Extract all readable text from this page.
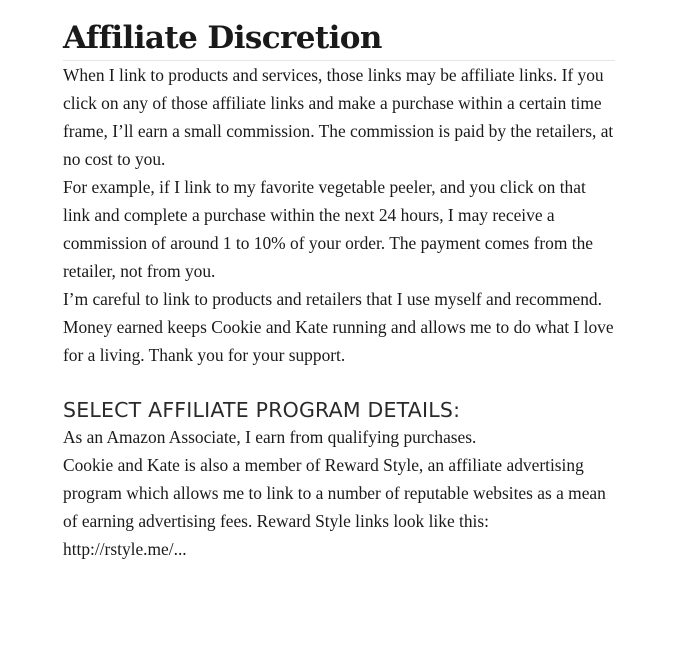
Affiliate Discretion

When I link to products and services, those links may be affiliate links. If you click on any of those affiliate links and make a purchase within a certain time frame, I’ll earn a small commission. The commission is paid by the retailers, at no cost to you.

For example, if I link to my favorite vegetable peeler, and you click on that link and complete a purchase within the next 24 hours, I may receive a commission of around 1 to 10% of your order. The payment comes from the retailer, not from you.

I’m careful to link to products and retailers that I use myself and recommend. Money earned keeps Cookie and Kate running and allows me to do what I love for a living. Thank you for your support.

SELECT AFFILIATE PROGRAM DETAILS:

As an Amazon Associate, I earn from qualifying purchases.

Cookie and Kate is also a member of Reward Style, an affiliate advertising program which allows me to link to a number of reputable websites as a mean of earning advertising fees. Reward Style links look like this: http://rstyle.me/...
